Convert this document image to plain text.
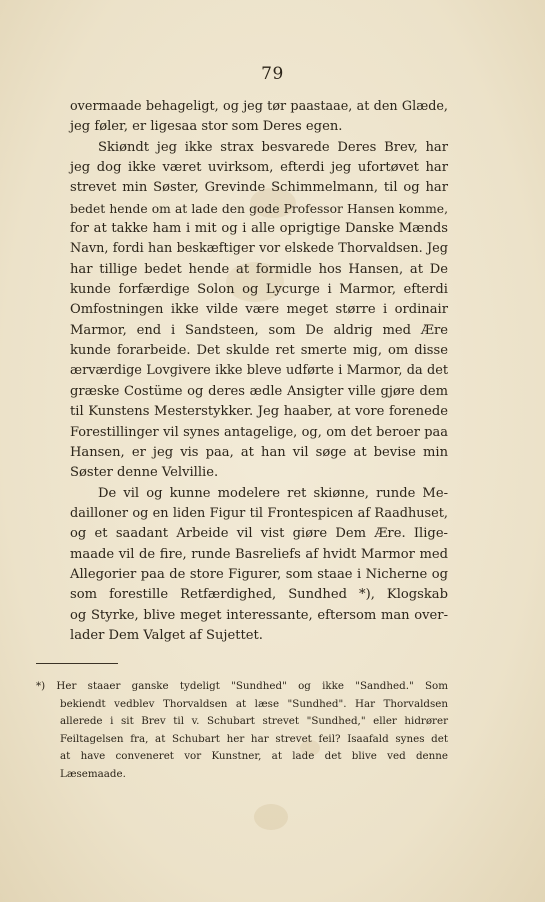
79

overmaade behageligt, og jeg tør paastaae, at den Glæde,
jeg føler, er ligesaa stor som Deres egen.

Skiøndt jeg ikke strax besvarede Deres Brev, har
jeg dog ikke været uvirksom, efterdi jeg ufortøvet har
strevet min Søster, Grevinde Schimmelmann, til og har
bedet hende om at lade den gode Professor Hansen komme,
for at takke ham i mit og i alle oprigtige Danske Mænds
Navn, fordi han beskæftiger vor elskede Thorvaldsen. Jeg
har tillige bedet hende at formidle hos Hansen, at De
kunde forfærdige Solon og Lycurge i Marmor, efterdi
Omfostningen ikke vilde være meget større i ordinair
Marmor, end i Sandsteen, som De aldrig med Ære
kunde forarbeide. Det skulde ret smerte mig, om disse
ærværdige Lovgivere ikke bleve udførte i Marmor, da det
græske Costüme og deres ædle Ansigter ville gjøre dem
til Kunstens Mesterstykker. Jeg haaber, at vore forenede
Forestillinger vil synes antagelige, og, om det beroer paa
Hansen, er jeg vis paa, at han vil søge at bevise min
Søster denne Velvillie.

De vil og kunne modelere ret skiønne, runde Me-
dailloner og en liden Figur til Frontespicen af Raadhuset,
og et saadant Arbeide vil vist giøre Dem Ære. Ilige-
maade vil de fire, runde Basreliefs af hvidt Marmor med
Allegorier paa de store Figurer, som staae i Nicherne og
som forestille Retfærdighed, Sundhed *), Klogskab
og Styrke, blive meget interessante, eftersom man over-
lader Dem Valget af Sujettet.

*) Her staaer ganske tydeligt "Sundhed" og ikke "Sandhed." Som
bekiendt vedblev Thorvaldsen at læse "Sundhed". Har Thorvaldsen
allerede i sit Brev til v. Schubart strevet "Sundhed," eller hidrører
Feiltagelsen fra, at Schubart her har strevet feil? Isaafald synes det
at have conveneret vor Kunstner, at lade det blive ved denne
Læsemaade.
